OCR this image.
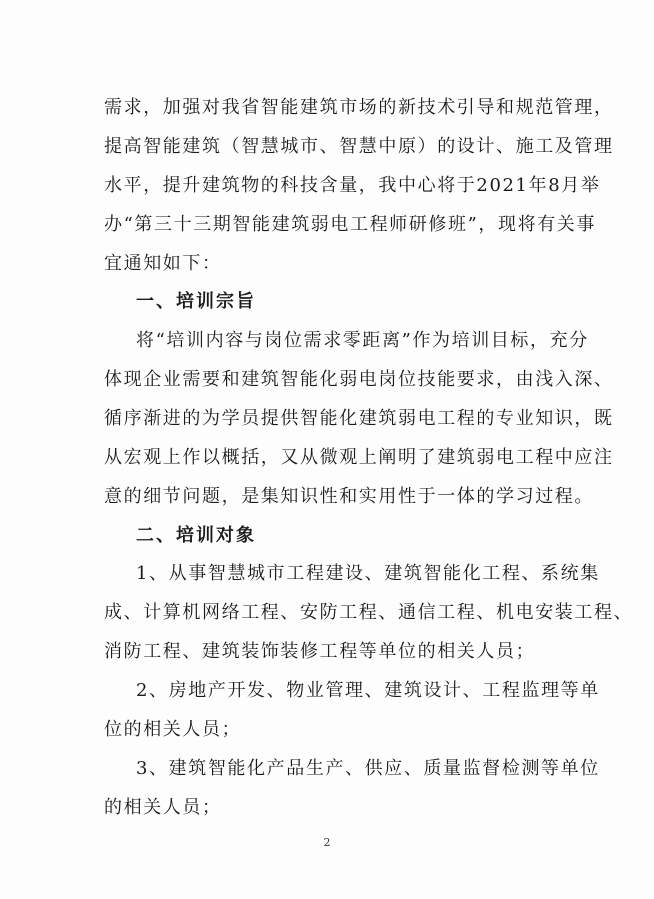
需求，加强对我省智能建筑市场的新技术引导和规范管理，
提高智能建筑（智慧城市、智慧中原）的设计、施工及管理
水平，提升建筑物的科技含量，我中心将于2021年8月举
办“第三十三期智能建筑弱电工程师研修班”，现将有关事
宜通知如下：
一、培训宗旨
将“培训内容与岗位需求零距离”作为培训目标，充分
体现企业需要和建筑智能化弱电岗位技能要求，由浅入深、
循序渐进的为学员提供智能化建筑弱电工程的专业知识，既
从宏观上作以概括，又从微观上阐明了建筑弱电工程中应注
意的细节问题，是集知识性和实用性于一体的学习过程。
二、培训对象
1、从事智慧城市工程建设、建筑智能化工程、系统集
成、计算机网络工程、安防工程、通信工程、机电安装工程、
消防工程、建筑装饰装修工程等单位的相关人员；
2、房地产开发、物业管理、建筑设计、工程监理等单
位的相关人员；
3、建筑智能化产品生产、供应、质量监督检测等单位
的相关人员；
2
